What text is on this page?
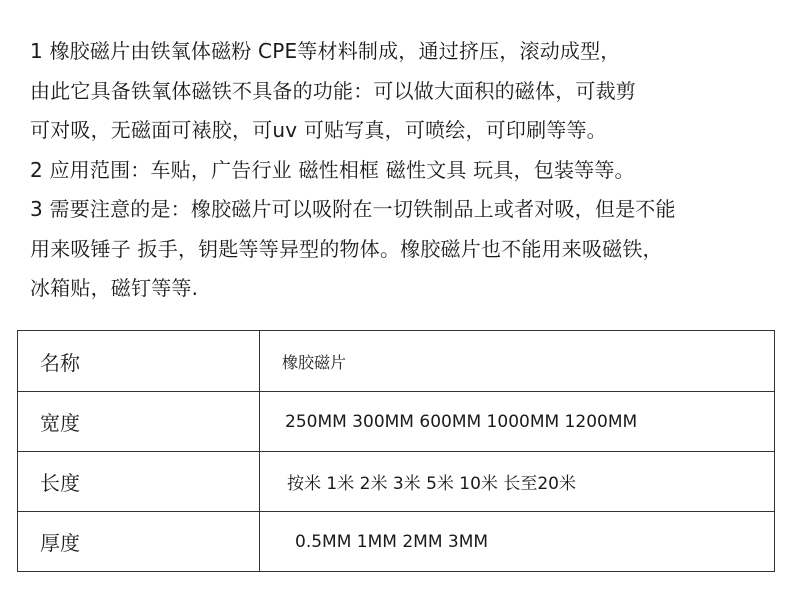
1 橡胶磁片由铁氧体磁粉 CPE等材料制成，通过挤压，滚动成型，
由此它具备铁氧体磁铁不具备的功能：可以做大面积的磁体，可裁剪
可对吸，无磁面可裱胶，可uv 可贴写真，可喷绘，可印刷等等。
2 应用范围：车贴，广告行业 磁性相框 磁性文具 玩具，包装等等。
3 需要注意的是：橡胶磁片可以吸附在一切铁制品上或者对吸，但是不能
用来吸锤子 扳手，钥匙等等异型的物体。橡胶磁片也不能用来吸磁铁，
冰箱贴，磁钉等等.
名称	橡胶磁片
宽度	250MM 300MM 600MM 1000MM 1200MM
长度	按米 1米 2米 3米 5米 10米 长至20米
厚度	0.5MM 1MM 2MM 3MM
